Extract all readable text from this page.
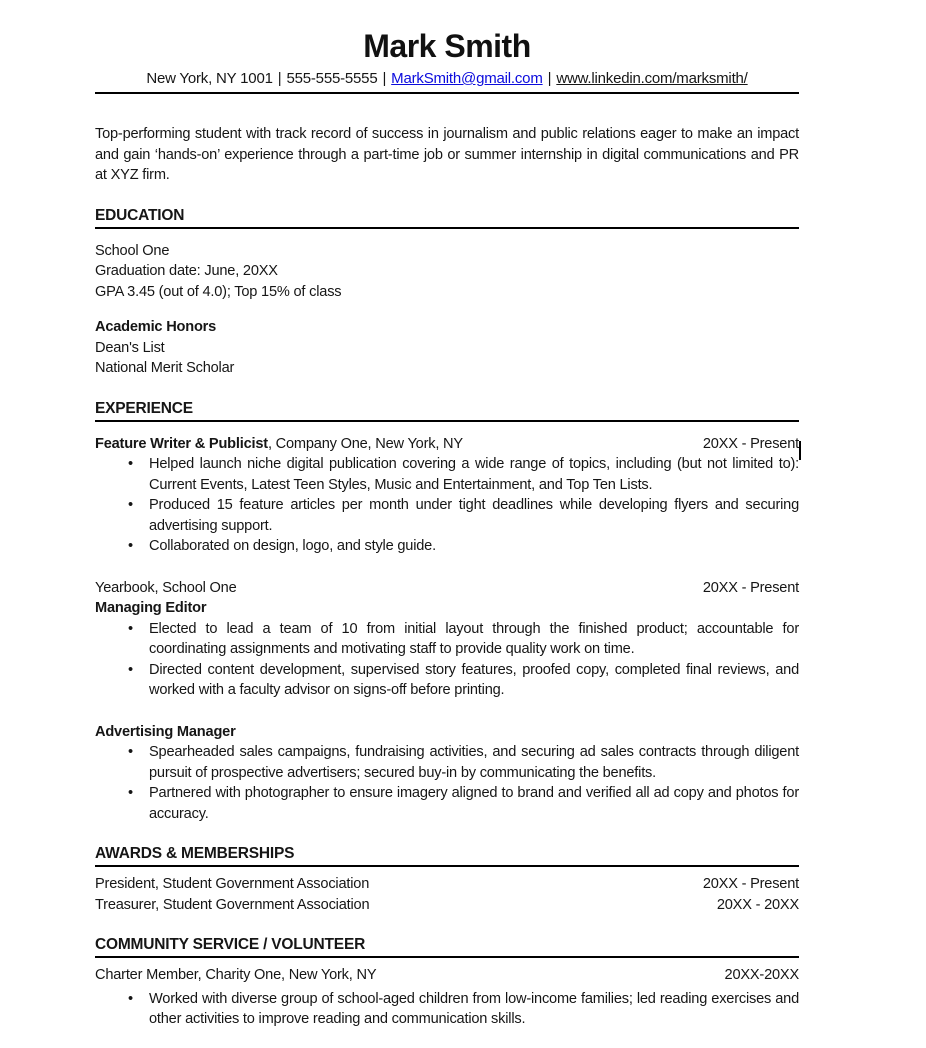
Mark Smith
New York, NY 1001 | 555-555-5555 | MarkSmith@gmail.com | www.linkedin.com/marksmith/

Top-performing student with track record of success in journalism and public relations eager to make an impact and gain ‘hands-on’ experience through a part-time job or summer internship in digital communications and PR at XYZ firm.

EDUCATION
School One
Graduation date: June, 20XX
GPA 3.45 (out of 4.0); Top 15% of class
Academic Honors
Dean's List
National Merit Scholar
EXPERIENCE
Feature Writer & Publicist, Company One, New York, NY	20XX - Present
•	Helped launch niche digital publication covering a wide range of topics, including (but not limited to): Current Events, Latest Teen Styles, Music and Entertainment, and Top Ten Lists.
•	Produced 15 feature articles per month under tight deadlines while developing flyers and securing advertising support.
•	Collaborated on design, logo, and style guide.
Yearbook, School One	20XX - Present
Managing Editor
•	Elected to lead a team of 10 from initial layout through the finished product; accountable for coordinating assignments and motivating staff to provide quality work on time.
•	Directed content development, supervised story features, proofed copy, completed final reviews, and worked with a faculty advisor on signs-off before printing.
Advertising Manager
•	Spearheaded sales campaigns, fundraising activities, and securing ad sales contracts through diligent pursuit of prospective advertisers; secured buy-in by communicating the benefits.
•	Partnered with photographer to ensure imagery aligned to brand and verified all ad copy and photos for accuracy.
AWARDS & MEMBERSHIPS
President, Student Government Association	20XX - Present
Treasurer, Student Government Association	20XX - 20XX
COMMUNITY SERVICE / VOLUNTEER
Charter Member, Charity One, New York, NY	20XX-20XX
•	Worked with diverse group of school-aged children from low-income families; led reading exercises and other activities to improve reading and communication skills.
